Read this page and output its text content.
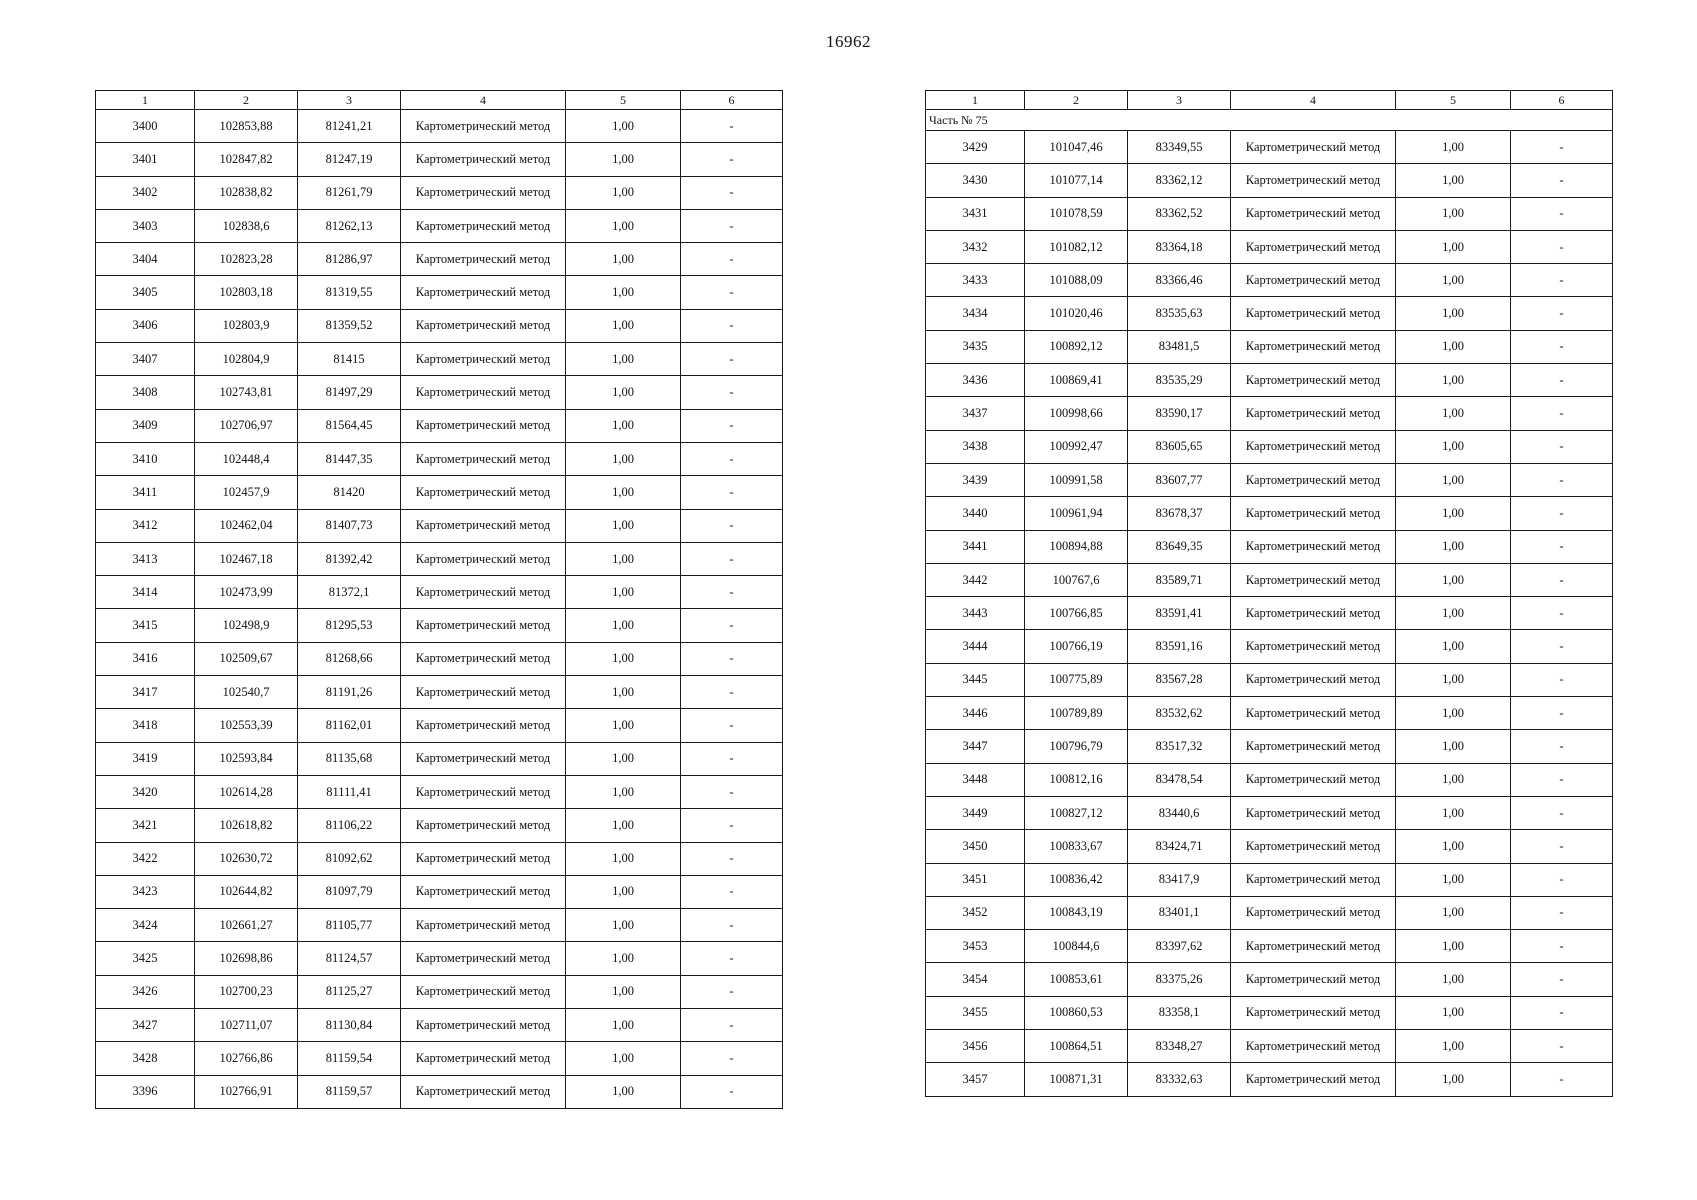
16962
1	2	3	4	5	6
3400	102853,88	81241,21	Картометрический метод	1,00	-
3401	102847,82	81247,19	Картометрический метод	1,00	-
3402	102838,82	81261,79	Картометрический метод	1,00	-
3403	102838,6	81262,13	Картометрический метод	1,00	-
3404	102823,28	81286,97	Картометрический метод	1,00	-
3405	102803,18	81319,55	Картометрический метод	1,00	-
3406	102803,9	81359,52	Картометрический метод	1,00	-
3407	102804,9	81415	Картометрический метод	1,00	-
3408	102743,81	81497,29	Картометрический метод	1,00	-
3409	102706,97	81564,45	Картометрический метод	1,00	-
3410	102448,4	81447,35	Картометрический метод	1,00	-
3411	102457,9	81420	Картометрический метод	1,00	-
3412	102462,04	81407,73	Картометрический метод	1,00	-
3413	102467,18	81392,42	Картометрический метод	1,00	-
3414	102473,99	81372,1	Картометрический метод	1,00	-
3415	102498,9	81295,53	Картометрический метод	1,00	-
3416	102509,67	81268,66	Картометрический метод	1,00	-
3417	102540,7	81191,26	Картометрический метод	1,00	-
3418	102553,39	81162,01	Картометрический метод	1,00	-
3419	102593,84	81135,68	Картометрический метод	1,00	-
3420	102614,28	81111,41	Картометрический метод	1,00	-
3421	102618,82	81106,22	Картометрический метод	1,00	-
3422	102630,72	81092,62	Картометрический метод	1,00	-
3423	102644,82	81097,79	Картометрический метод	1,00	-
3424	102661,27	81105,77	Картометрический метод	1,00	-
3425	102698,86	81124,57	Картометрический метод	1,00	-
3426	102700,23	81125,27	Картометрический метод	1,00	-
3427	102711,07	81130,84	Картометрический метод	1,00	-
3428	102766,86	81159,54	Картометрический метод	1,00	-
3396	102766,91	81159,57	Картометрический метод	1,00	-
1	2	3	4	5	6
Часть № 75					
3429	101047,46	83349,55	Картометрический метод	1,00	-
3430	101077,14	83362,12	Картометрический метод	1,00	-
3431	101078,59	83362,52	Картометрический метод	1,00	-
3432	101082,12	83364,18	Картометрический метод	1,00	-
3433	101088,09	83366,46	Картометрический метод	1,00	-
3434	101020,46	83535,63	Картометрический метод	1,00	-
3435	100892,12	83481,5	Картометрический метод	1,00	-
3436	100869,41	83535,29	Картометрический метод	1,00	-
3437	100998,66	83590,17	Картометрический метод	1,00	-
3438	100992,47	83605,65	Картометрический метод	1,00	-
3439	100991,58	83607,77	Картометрический метод	1,00	-
3440	100961,94	83678,37	Картометрический метод	1,00	-
3441	100894,88	83649,35	Картометрический метод	1,00	-
3442	100767,6	83589,71	Картометрический метод	1,00	-
3443	100766,85	83591,41	Картометрический метод	1,00	-
3444	100766,19	83591,16	Картометрический метод	1,00	-
3445	100775,89	83567,28	Картометрический метод	1,00	-
3446	100789,89	83532,62	Картометрический метод	1,00	-
3447	100796,79	83517,32	Картометрический метод	1,00	-
3448	100812,16	83478,54	Картометрический метод	1,00	-
3449	100827,12	83440,6	Картометрический метод	1,00	-
3450	100833,67	83424,71	Картометрический метод	1,00	-
3451	100836,42	83417,9	Картометрический метод	1,00	-
3452	100843,19	83401,1	Картометрический метод	1,00	-
3453	100844,6	83397,62	Картометрический метод	1,00	-
3454	100853,61	83375,26	Картометрический метод	1,00	-
3455	100860,53	83358,1	Картометрический метод	1,00	-
3456	100864,51	83348,27	Картометрический метод	1,00	-
3457	100871,31	83332,63	Картометрический метод	1,00	-
